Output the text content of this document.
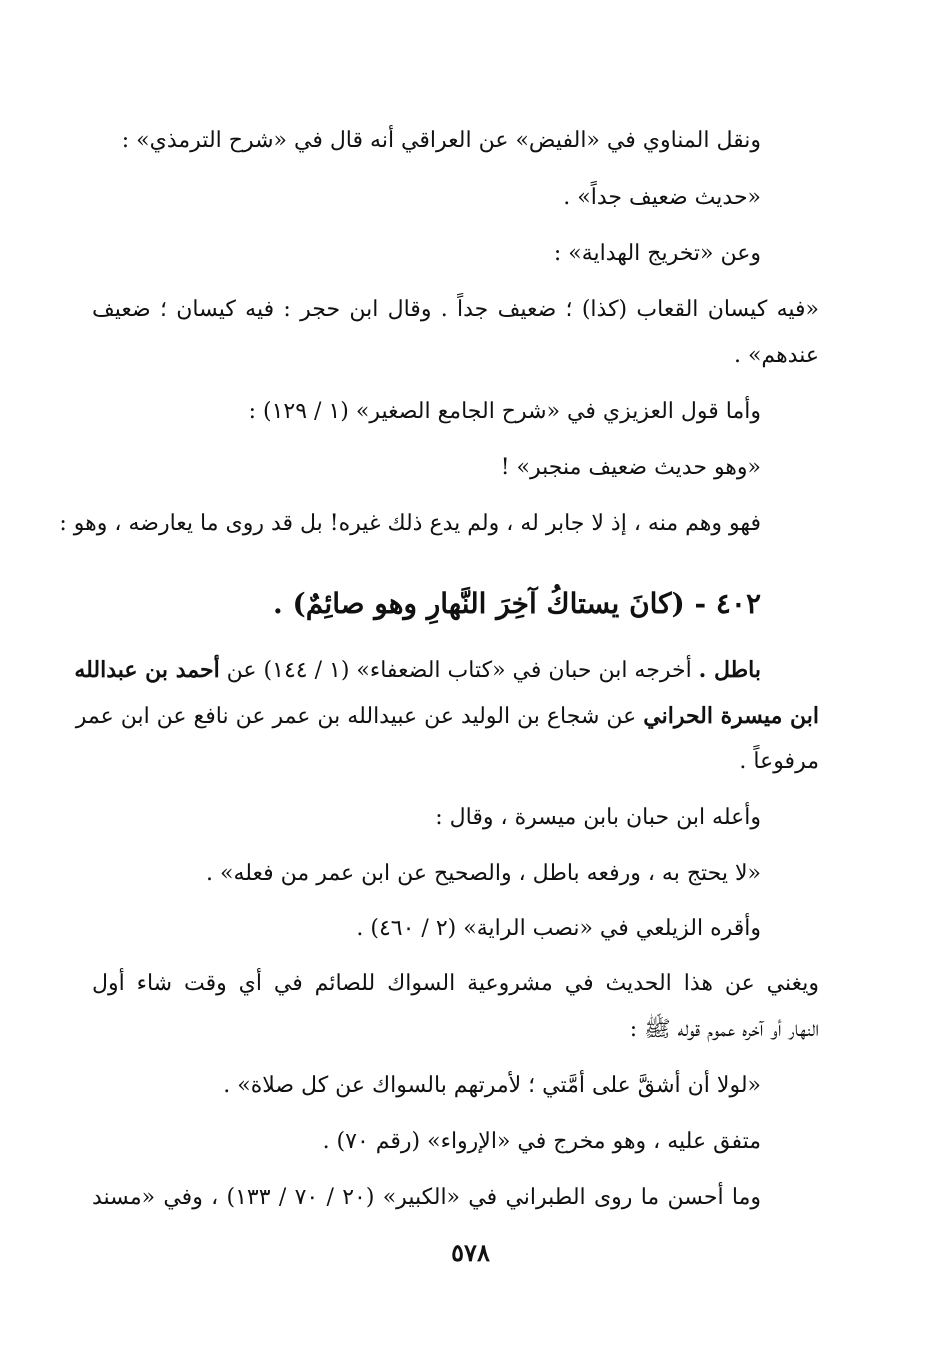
ونقل المناوي في «الفيض» عن العراقي أنه قال في «شرح الترمذي» :
«حديث ضعيف جداً» .
وعن «تخريج الهداية» :
«فيه كيسان القعاب (كذا) ؛ ضعيف جداً . وقال ابن حجر : فيه كيسان ؛ ضعيف
عندهم» .
وأما قول العزيزي في «شرح الجامع الصغير» (١ / ١٢٩) :
«وهو حديث ضعيف منجبر» !
فهو وهم منه ، إذ لا جابر له ، ولم يدع ذلك غيره! بل قد روى ما يعارضه ، وهو :
٤٠٢ - (كانَ يستاكُ آخِرَ النَّهارِ وهو صائِمٌ) .
باطل . أخرجه ابن حبان في «كتاب الضعفاء» (١ / ١٤٤) عن أحمد بن عبدالله
ابن ميسرة الحراني عن شجاع بن الوليد عن عبيدالله بن عمر عن نافع عن ابن عمر
مرفوعاً .
وأعله ابن حبان بابن ميسرة ، وقال :
«لا يحتج به ، ورفعه باطل ، والصحيح عن ابن عمر من فعله» .
وأقره الزيلعي في «نصب الراية» (٢ / ٤٦٠) .
ويغني عن هذا الحديث في مشروعية السواك للصائم في أي وقت شاء أول
النهار أو آخره عموم قوله ﷺ :
«لولا أن أشقَّ على أمَّتي ؛ لأمرتهم بالسواك عن كل صلاة» .
متفق عليه ، وهو مخرج في «الإرواء» (رقم ٧٠) .
وما أحسن ما روى الطبراني في «الكبير» (٢٠ / ٧٠ / ١٣٣) ، وفي «مسند
٥٧٨
